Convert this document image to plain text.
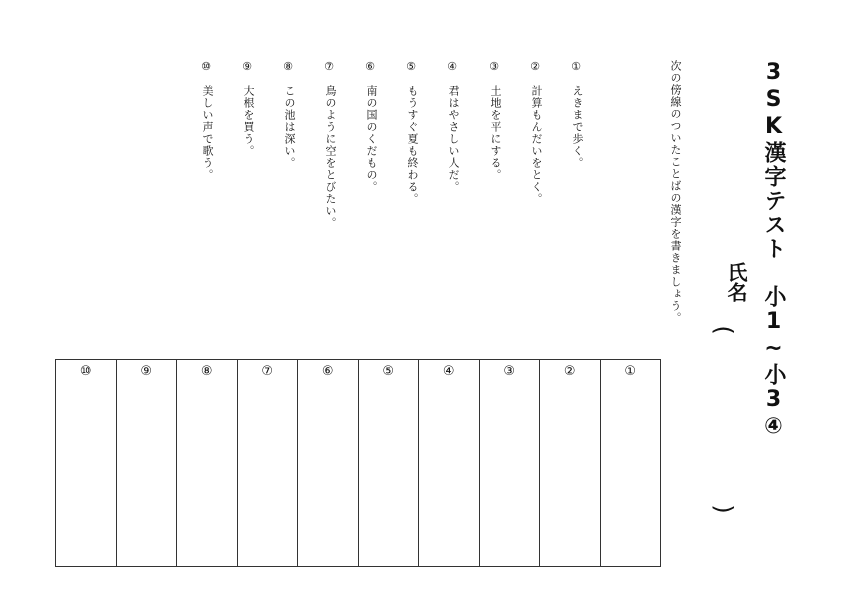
3SK漢字テスト　小1~小3④
氏名
(
)
次の傍線のついたことばの漢字を書きましょう。
①
えきまで歩く。
②
計算もんだいをとく。
③
土地を平にする。
④
君はやさしい人だ。
⑤
もうすぐ夏も終わる。
⑥
南の国のくだもの。
⑦
鳥のように空をとびたい。
⑧
この池は深い。
⑨
大根を買う。
⑩
美しい声で歌う。
①
②
③
④
⑤
⑥
⑦
⑧
⑨
⑩
